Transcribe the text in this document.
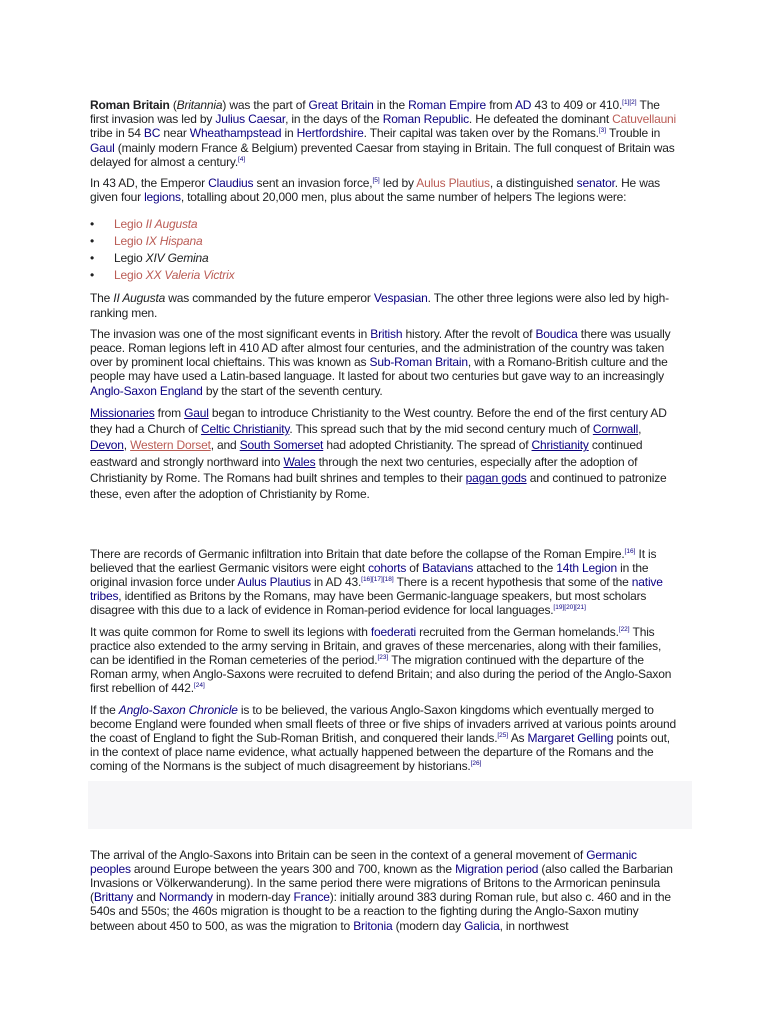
Roman Britain (Britannia) was the part of Great Britain in the Roman Empire from AD 43 to 409 or 410.[1][2] The first invasion was led by Julius Caesar, in the days of the Roman Republic. He defeated the dominant Catuvellauni tribe in 54 BC near Wheathampstead in Hertfordshire. Their capital was taken over by the Romans.[3] Trouble in Gaul (mainly modern France & Belgium) prevented Caesar from staying in Britain. The full conquest of Britain was delayed for almost a century.[4]

In 43 AD, the Emperor Claudius sent an invasion force,[5] led by Aulus Plautius, a distinguished senator. He was given four legions, totalling about 20,000 men, plus about the same number of helpers The legions were:

• Legio II Augusta
• Legio IX Hispana
• Legio XIV Gemina
• Legio XX Valeria Victrix

The II Augusta was commanded by the future emperor Vespasian. The other three legions were also led by high-ranking men.

The invasion was one of the most significant events in British history. After the revolt of Boudica there was usually peace. Roman legions left in 410 AD after almost four centuries, and the administration of the country was taken over by prominent local chieftains. This was known as Sub-Roman Britain, with a Romano-British culture and the people may have used a Latin-based language. It lasted for about two centuries but gave way to an increasingly Anglo-Saxon England by the start of the seventh century.

Missionaries from Gaul began to introduce Christianity to the West country. Before the end of the first century AD they had a Church of Celtic Christianity. This spread such that by the mid second century much of Cornwall, Devon, Western Dorset, and South Somerset had adopted Christianity. The spread of Christianity continued eastward and strongly northward into Wales through the next two centuries, especially after the adoption of Christianity by Rome. The Romans had built shrines and temples to their pagan gods and continued to patronize these, even after the adoption of Christianity by Rome.

There are records of Germanic infiltration into Britain that date before the collapse of the Roman Empire.[16] It is believed that the earliest Germanic visitors were eight cohorts of Batavians attached to the 14th Legion in the original invasion force under Aulus Plautius in AD 43.[16][17][18] There is a recent hypothesis that some of the native tribes, identified as Britons by the Romans, may have been Germanic-language speakers, but most scholars disagree with this due to a lack of evidence in Roman-period evidence for local languages.[19][20][21]

It was quite common for Rome to swell its legions with foederati recruited from the German homelands.[22] This practice also extended to the army serving in Britain, and graves of these mercenaries, along with their families, can be identified in the Roman cemeteries of the period.[23] The migration continued with the departure of the Roman army, when Anglo-Saxons were recruited to defend Britain; and also during the period of the Anglo-Saxon first rebellion of 442.[24]

If the Anglo-Saxon Chronicle is to be believed, the various Anglo-Saxon kingdoms which eventually merged to become England were founded when small fleets of three or five ships of invaders arrived at various points around the coast of England to fight the Sub-Roman British, and conquered their lands.[25] As Margaret Gelling points out, in the context of place name evidence, what actually happened between the departure of the Romans and the coming of the Normans is the subject of much disagreement by historians.[26]

The arrival of the Anglo-Saxons into Britain can be seen in the context of a general movement of Germanic peoples around Europe between the years 300 and 700, known as the Migration period (also called the Barbarian Invasions or Völkerwanderung). In the same period there were migrations of Britons to the Armorican peninsula (Brittany and Normandy in modern-day France): initially around 383 during Roman rule, but also c. 460 and in the 540s and 550s; the 460s migration is thought to be a reaction to the fighting during the Anglo-Saxon mutiny between about 450 to 500, as was the migration to Britonia (modern day Galicia, in northwest
